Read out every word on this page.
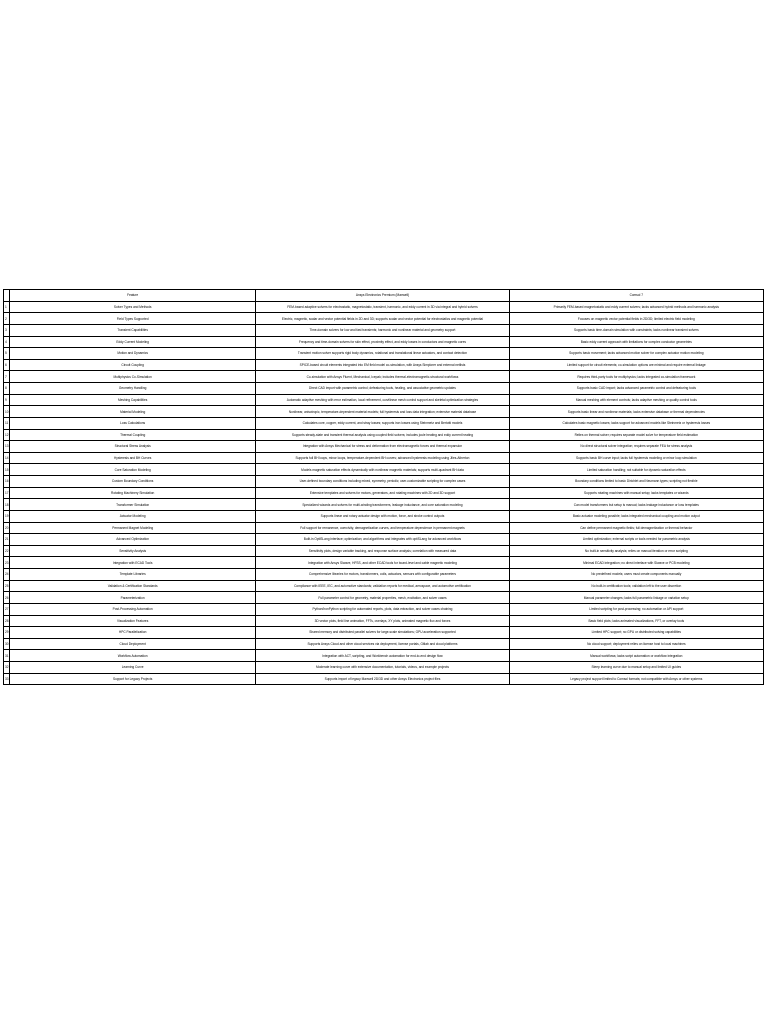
	Feature	Ansys Electronics Premium (Maxwell)	Comsol 7
1	Solver Types and Methods	FEM-based adaptive solvers for electrostatic, magnetostatic, transient, harmonic, and eddy current in 3D via integral and hybrid solvers	Primarily FEM-based magnetostatic and eddy current solvers; lacks advanced hybrid methods and harmonic analysis
2	Field Types Supported	Electric, magnetic, scalar and vector potential fields in 2D and 3D; supports scalar and vector potential for electrostatics and magnetic potential	Focuses on magnetic vector potential fields in 2D/3D; limited electric field modeling
3	Transient Capabilities	Time-domain solvers for low and fast transients; harmonic and nonlinear material and geometry support	Supports basic time-domain simulation with constraints; lacks nonlinear transient solvers
4	Eddy Current Modeling	Frequency and time-domain solvers for skin effect, proximity effect, and eddy losses in conductors and magnetic cores	Basic eddy current approach with limitations for complex conductor geometries
5	Motion and Dynamics	Transient motion solver supports rigid body dynamics, rotational and translational linear actuators, and contact detection	Supports basic movement; lacks advanced motion solver for complex actuator motion modeling
6	Circuit Coupling	SPICE-based circuit elements integrated into EM field model co-simulation, with Ansys Simplorer and external netlists	Limited support for circuit elements; co-simulation options are minimal and require external linkage
7	Multiphysics Co-Simulation	Co-simulation with Ansys Fluent, Mechanical, Icepak; includes thermal-electromagnetic-structural workflows	Requires third-party tools for multiphysics; lacks integrated co-simulation framework
8	Geometry Handling	Direct CAD import with parametric control; defeaturing tools, healing, and associative geometric updates	Supports basic CAD import; lacks advanced parametric control and defeaturing tools
9	Meshing Capabilities	Automatic adaptive meshing with error estimation, local refinement, curvilinear mesh control support and skeletal optimization strategies	Manual meshing with element controls; lacks adaptive meshing or quality control tools
10	Material Modeling	Nonlinear, anisotropic, temperature-dependent material models; full hysteresis and loss data integration; extensive material database	Supports basic linear and nonlinear materials; lacks extensive database or thermal dependencies
11	Loss Calculations	Calculates core, copper, eddy current, and stray losses; supports iron losses using Steinmetz and Bertotti models	Calculates basic magnetic losses; lacks support for advanced models like Steinmetz or hysteresis losses
12	Thermal Coupling	Supports steady-state and transient thermal analysis using coupled field solvers; includes joule heating and eddy current heating	Relies on thermal solver; requires separate model solve for temperature field estimation
13	Structural Stress Analysis	Integration with Ansys Mechanical for stress and deformation from electromagnetic forces and thermal expansion	No direct structural solver integration; requires separate FEA for stress analysis
14	Hysteresis and BH Curves	Supports full BH loops, minor loops, temperature-dependent BH curves; advanced hysteresis modeling using Jiles-Atherton	Supports basic BH curve input; lacks full hysteresis modeling or minor loop simulation
15	Core Saturation Modeling	Models magnetic saturation effects dynamically with nonlinear magnetic materials; supports multi-quadrant BH data	Limited saturation handling; not suitable for dynamic saturation effects
16	Custom Boundary Conditions	User-defined boundary conditions including mixed, symmetry, periodic; user-customizable scripting for complex cases	Boundary conditions limited to basic Dirichlet and Neumann types; scripting not flexible
17	Rotating Machinery Simulation	Extensive templates and solvers for motors, generators, and rotating machines with 2D and 3D support	Supports rotating machines with manual setup; lacks templates or wizards
18	Transformer Simulation	Specialized wizards and solvers for multi-winding transformers, leakage inductance, and core saturation modeling	Can model transformers but setup is manual; lacks leakage inductance or loss templates
19	Actuator Modeling	Supports linear and rotary actuator design with motion, force, and stroke control outputs	Basic actuator modeling possible; lacks integrated mechanical coupling and motion output
20	Permanent Magnet Modeling	Full support for remanence, coercivity, demagnetization curves, and temperature dependence in permanent magnets	Can define permanent magnetic fields; full demagnetization or thermal behavior
21	Advanced Optimization	Built-in OptiSLang interface; optimization; and algorithms and integrates with optiSLang for advanced workflows	Limited optimization; external scripts or tools needed for parametric analysis
22	Sensitivity Analysis	Sensitivity plots, design variable tracking, and response surface analysis; correlation with measured data	No built-in sensitivity analysis; relies on manual iteration or error scripting
23	Integration with ECAD Tools	Integration with Ansys SIwave, HFSS, and other ECAD tools for board-level and cable magnetic modeling	Minimal ECAD integration; no direct interface with SIwave or PCB modeling
24	Template Libraries	Comprehensive libraries for motors, transformers, coils, actuators, sensors with configurable parameters	No predefined models; users must create components manually
25	Validation & Certification Standards	Compliance with IEEE, IEC, and automotive standards; validation reports for medical, aerospace, and automotive certification	No built-in certification tools; validation left to the user discretion
26	Parameterization	Full parameter control for geometry, material properties, mesh, excitation, and solver cases	Manual parameter changes; lacks full parametric linkage or variation setup
27	Post-Processing Automation	Python/IronPython scripting for automated reports, plots, data extraction, and solver cases chaining	Limited scripting for post-processing; no automation or API support
28	Visualization Features	3D vector plots, field line animation, FFTs, overlays, XY plots, animated magnetic flux and forces	Basic field plots; lacks animated visualizations, FFT, or overlay tools
29	HPC Parallelization	Shared memory and distributed parallel solvers for large-scale simulations; GPU acceleration supported	Limited HPC support; no GPU or distributed solving capabilities
30	Cloud Deployment	Supports Ansys Cloud and other cloud services via deployment, license portals, Gitlab and cloud platforms	No cloud support; deployment relies on license host to local machines
31	Workflow Automation	Integration with ACT, scripting, and Workbench automation for end-to-end design flow	Manual workflows; lacks script automation or workflow integration
32	Learning Curve	Moderate learning curve with extensive documentation, tutorials, videos, and example projects	Steep learning curve due to manual setup and limited UI guides
33	Support for Legacy Projects	Supports import of legacy Maxwell 2D/3D and other Ansys Electronics project files	Legacy project support limited to Comsol formats; not compatible with Ansys or other systems
